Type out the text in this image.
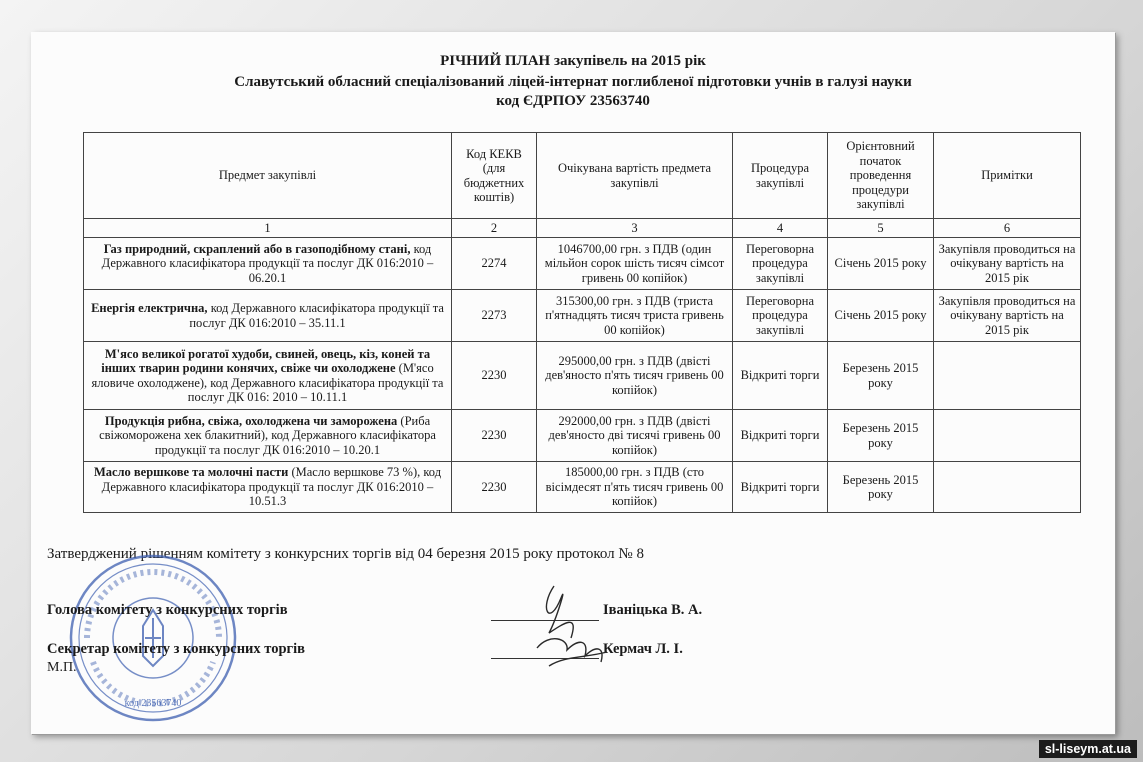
РІЧНИЙ ПЛАН закупівель на 2015 рік
Славутський обласний спеціалізований ліцей-інтернат поглибленої підготовки учнів в галузі науки
код ЄДРПОУ 23563740
Предмет закупівлі	Код КЕКВ (для бюджетних коштів)	Очікувана вартість предмета закупівлі	Процедура закупівлі	Орієнтовний початок проведення процедури закупівлі	Примітки
1	2	3	4	5	6
Газ природний, скраплений або в газоподібному стані, код Державного класифікатора продукції та послуг ДК 016:2010 – 06.20.1	2274	1046700,00 грн. з ПДВ (один мільйон сорок шість тисяч сімсот гривень 00 копійок)	Переговорна процедура закупівлі	Січень 2015 року	Закупівля проводиться на очікувану вартість на 2015 рік
Енергія електрична, код Державного класифікатора продукції та послуг ДК 016:2010 – 35.11.1	2273	315300,00 грн. з ПДВ (триста п'ятнадцять тисяч триста гривень 00 копійок)	Переговорна процедура закупівлі	Січень 2015 року	Закупівля проводиться на очікувану вартість на 2015 рік
М'ясо великої рогатої худоби, свиней, овець, кіз, коней та інших тварин родини конячих, свіже чи охолоджене (М'ясо яловиче охолоджене), код Державного класифікатора продукції та послуг ДК 016: 2010 – 10.11.1	2230	295000,00 грн. з ПДВ (двісті дев'яносто п'ять тисяч гривень 00 копійок)	Відкриті торги	Березень 2015 року	
Продукція рибна, свіжа, охолоджена чи заморожена (Риба свіжоморожена хек блакитний), код Державного класифікатора продукції та послуг ДК 016:2010 – 10.20.1	2230	292000,00 грн. з ПДВ (двісті дев'яносто дві тисячі гривень 00 копійок)	Відкриті торги	Березень 2015 року	
Масло вершкове та молочні пасти (Масло вершкове 73 %), код Державного класифікатора продукції та послуг ДК 016:2010 – 10.51.3	2230	185000,00 грн. з ПДВ (сто вісімдесят п'ять тисяч гривень 00 копійок)	Відкриті торги	Березень 2015 року	
Затверджений рішенням комітету з конкурсних торгів від 04 березня 2015 року протокол № 8
код 23563740
Голова комітету з конкурсних торгів	Іваніцька В. А.
Секретар комітету з конкурсних торгів	Кермач Л. І.
М.П.
sl-liseym.at.ua
